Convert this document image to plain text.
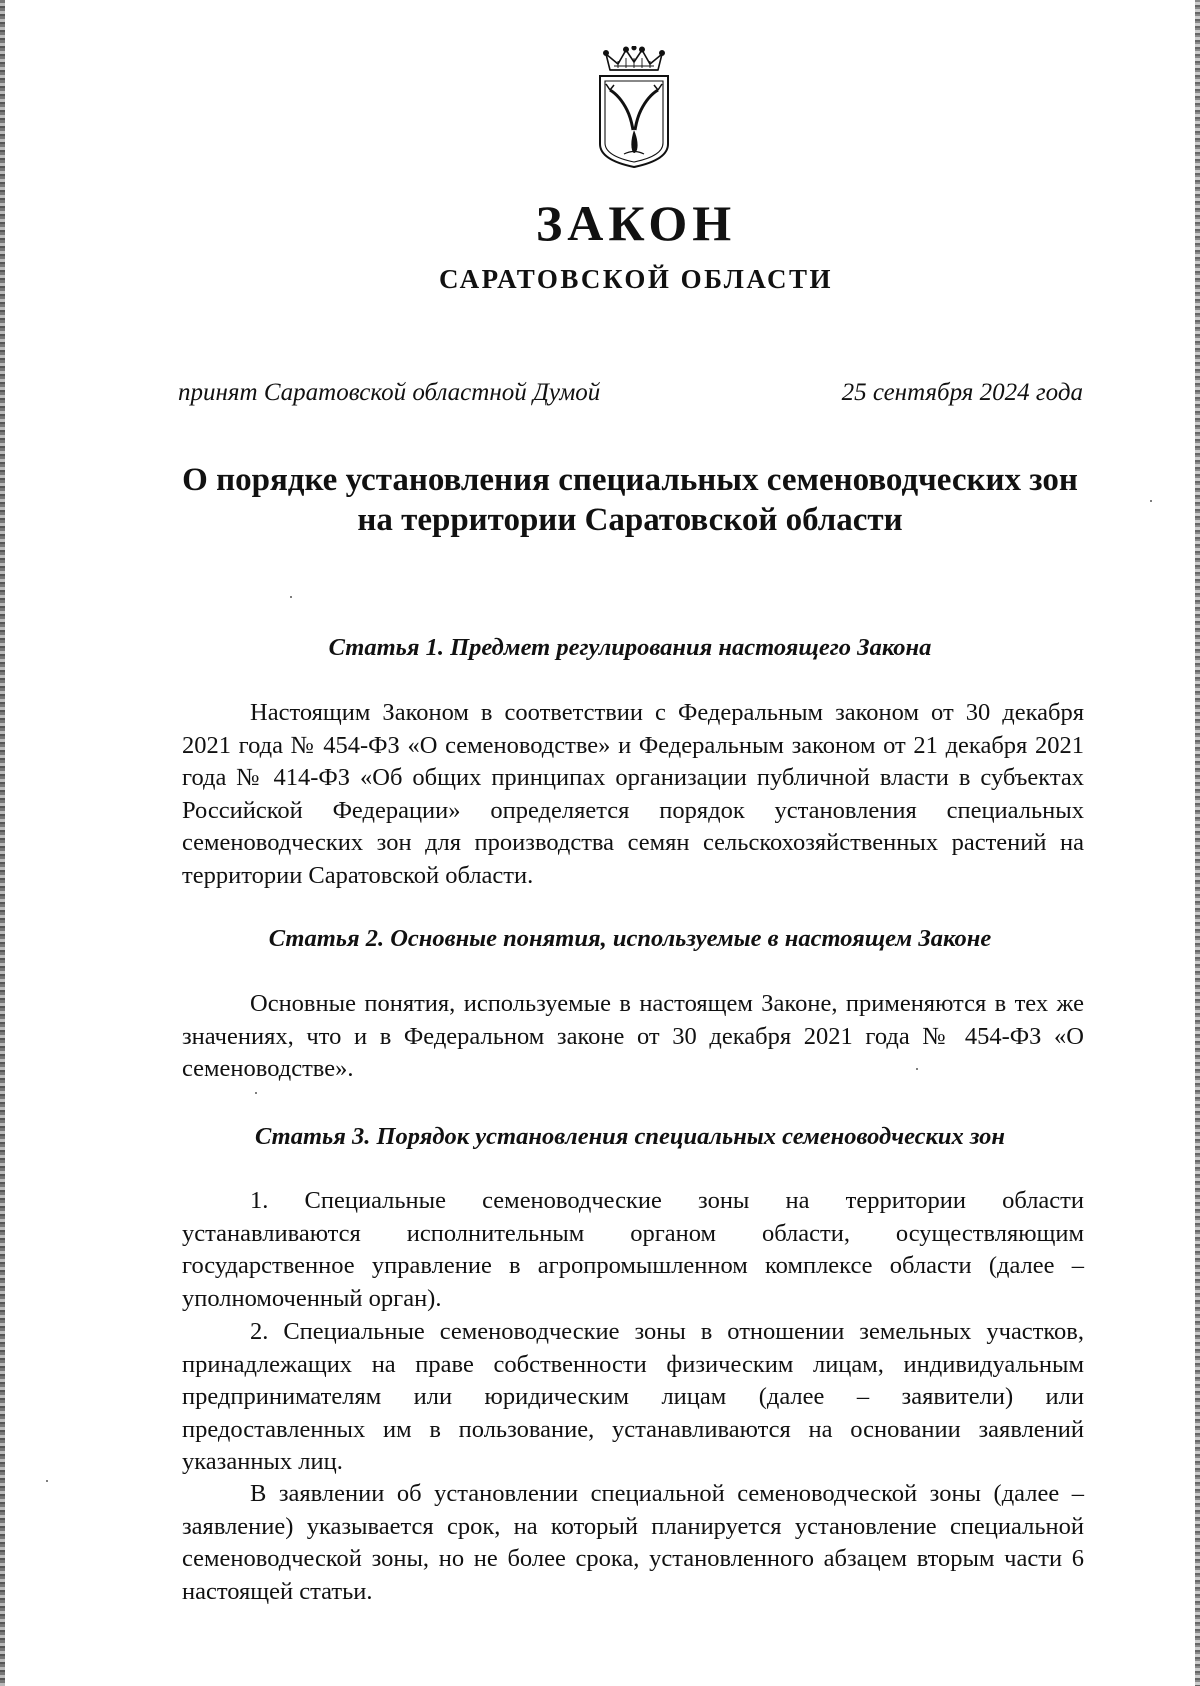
ЗАКОН
САРАТОВСКОЙ ОБЛАСТИ
принят Саратовской областной Думой	25 сентября 2024 года
О порядке установления специальных семеноводческих зон на территории Саратовской области
Статья 1. Предмет регулирования настоящего Закона

Настоящим Законом в соответствии с Федеральным законом от 30 декабря 2021 года № 454-ФЗ «О семеноводстве» и Федеральным законом от 21 декабря 2021 года № 414-ФЗ «Об общих принципах организации публичной власти в субъектах Российской Федерации» определяется порядок установления специальных семеноводческих зон для производства семян сельскохозяйственных растений на территории Саратовской области.

Статья 2. Основные понятия, используемые в настоящем Законе

Основные понятия, используемые в настоящем Законе, применяются в тех же значениях, что и в Федеральном законе от 30 декабря 2021 года № 454-ФЗ «О семеноводстве».

Статья 3. Порядок установления специальных семеноводческих зон

1. Специальные семеноводческие зоны на территории области устанавливаются исполнительным органом области, осуществляющим государственное управление в агропромышленном комплексе области (далее – уполномоченный орган).

2. Специальные семеноводческие зоны в отношении земельных участков, принадлежащих на праве собственности физическим лицам, индивидуальным предпринимателям или юридическим лицам (далее – заявители) или предоставленных им в пользование, устанавливаются на основании заявлений указанных лиц.

В заявлении об установлении специальной семеноводческой зоны (далее – заявление) указывается срок, на который планируется установление специальной семеноводческой зоны, но не более срока, установленного абзацем вторым части 6 настоящей статьи.
